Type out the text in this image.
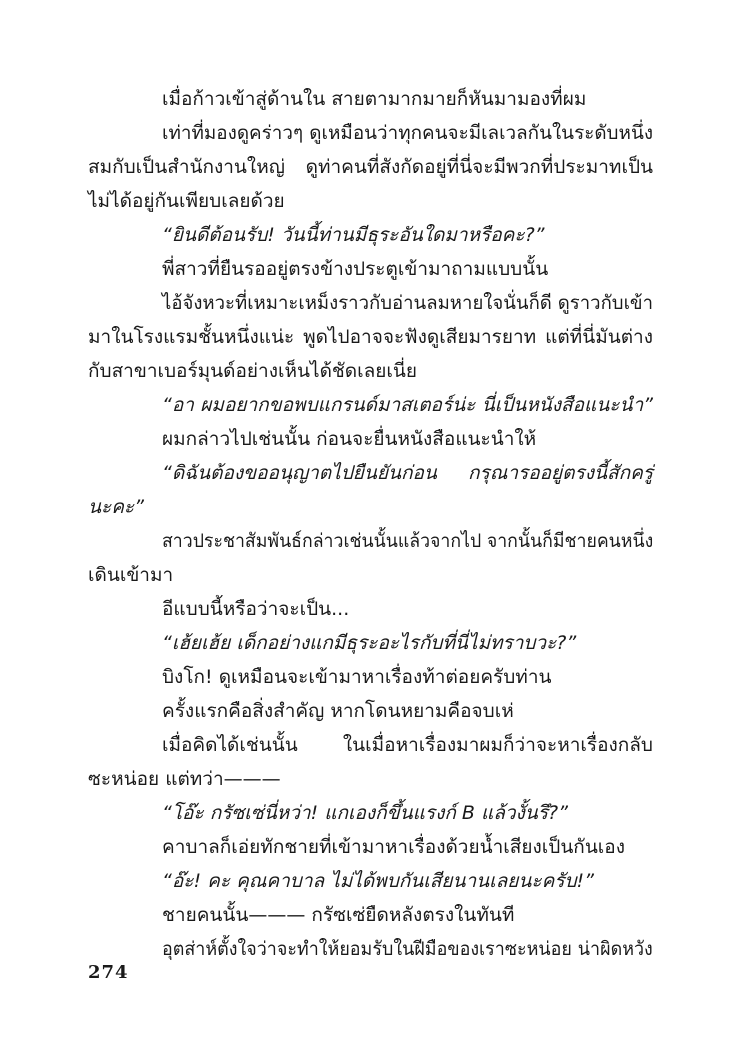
เมื่อก้าวเข้าสู่ด้านใน สายตามากมายก็หันมามองที่ผม
เท่าที่มองดูคร่าวๆ ดูเหมือนว่าทุกคนจะมีเลเวลกันในระดับหนึ่ง
สมกับเป็นสำนักงานใหญ่ ดูท่าคนที่สังกัดอยู่ที่นี่จะมีพวกที่ประมาทเป็น
ไม่ได้อยู่กันเพียบเลยด้วย
“ยินดีต้อนรับ! วันนี้ท่านมีธุระอันใดมาหรือคะ?”
พี่สาวที่ยืนรออยู่ตรงข้างประตูเข้ามาถามแบบนั้น
ไอ้จังหวะที่เหมาะเหม็งราวกับอ่านลมหายใจนั่นก็ดี ดูราวกับเข้า
มาในโรงแรมชั้นหนึ่งแน่ะ พูดไปอาจจะฟังดูเสียมารยาท แต่ที่นี่มันต่าง
กับสาขาเบอร์มุนด์อย่างเห็นได้ชัดเลยเนี่ย
“อา ผมอยากขอพบแกรนด์มาสเตอร์น่ะ นี่เป็นหนังสือแนะนำ”
ผมกล่าวไปเช่นนั้น ก่อนจะยื่นหนังสือแนะนำให้
“ดิฉันต้องขออนุญาตไปยืนยันก่อน กรุณารออยู่ตรงนี้สักครู่
นะคะ”
สาวประชาสัมพันธ์กล่าวเช่นนั้นแล้วจากไป จากนั้นก็มีชายคนหนึ่ง
เดินเข้ามา
อีแบบนี้หรือว่าจะเป็น...
“เฮ้ยเฮ้ย เด็กอย่างแกมีธุระอะไรกับที่นี่ไม่ทราบวะ?”
บิงโก! ดูเหมือนจะเข้ามาหาเรื่องท้าต่อยครับท่าน
ครั้งแรกคือสิ่งสำคัญ หากโดนหยามคือจบเห่
เมื่อคิดได้เช่นนั้น ในเมื่อหาเรื่องมาผมก็ว่าจะหาเรื่องกลับ
ซะหน่อย แต่ทว่า———
“โอ๊ะ กรัซเซ่นี่หว่า! แกเองก็ขึ้นแรงก์ B แล้วงั้นรึ?”
คาบาลก็เอ่ยทักชายที่เข้ามาหาเรื่องด้วยน้ำเสียงเป็นกันเอง
“อ๊ะ! คะ คุณคาบาล ไม่ได้พบกันเสียนานเลยนะครับ!”
ชายคนนั้น——— กรัซเซ่ยืดหลังตรงในทันที
อุตส่าห์ตั้งใจว่าจะทำให้ยอมรับในฝีมือของเราซะหน่อย น่าผิดหวัง
274
